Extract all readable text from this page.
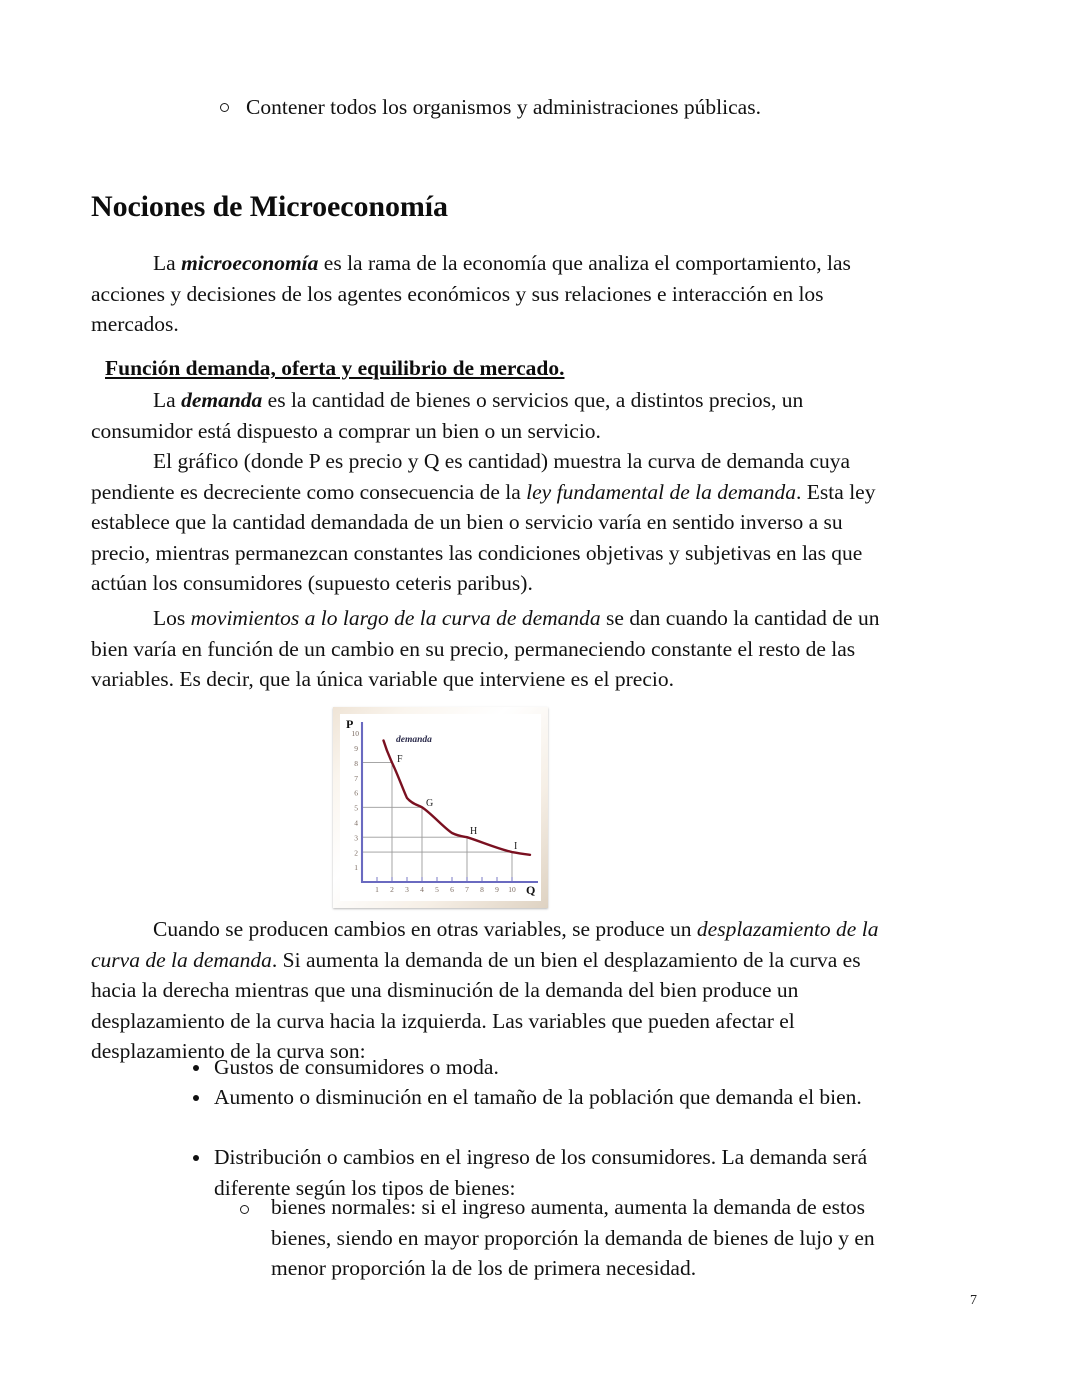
Contener todos los organismos y administraciones públicas.
Nociones de Microeconomía

La microeconomía es la rama de la economía que analiza el comportamiento, las acciones y decisiones de los agentes económicos y sus relaciones e interacción en los mercados.

Función demanda, oferta y equilibrio de mercado.

La demanda es la cantidad de bienes o servicios que, a distintos precios, un consumidor está dispuesto a comprar un bien o un servicio.

El gráfico (donde P es precio y Q es cantidad) muestra la curva de demanda cuya pendiente es decreciente como consecuencia de la ley fundamental de la demanda. Esta ley establece que la cantidad demandada de un bien o servicio varía en sentido inverso a su precio, mientras permanezcan constantes las condiciones objetivas y subjetivas en las que actúan los consumidores (supuesto ceteris paribus).

Los movimientos a lo largo de la curva de demanda se dan cuando la cantidad de un bien varía en función de un cambio en su precio, permaneciendo constante el resto de las variables. Es decir, que la única variable que interviene es el precio.

P
Q
demanda
1
2
3
4
5
6
7
8
9
10
1 2 3 4 5 6 7 8 9 10
F
G
H
I

Cuando se producen cambios en otras variables, se produce un desplazamiento de la curva de la demanda. Si aumenta la demanda de un bien el desplazamiento de la curva es hacia la derecha mientras que una disminución de la demanda del bien produce un desplazamiento de la curva hacia la izquierda. Las variables que pueden afectar el desplazamiento de la curva son:

Gustos de consumidores o moda.
Aumento o disminución en el tamaño de la población que demanda el bien.
Distribución o cambios en el ingreso de los consumidores. La demanda será diferente según los tipos de bienes:
bienes normales: si el ingreso aumenta, aumenta la demanda de estos bienes, siendo en mayor proporción la demanda de bienes de lujo y en menor proporción la de los de primera necesidad.
7
